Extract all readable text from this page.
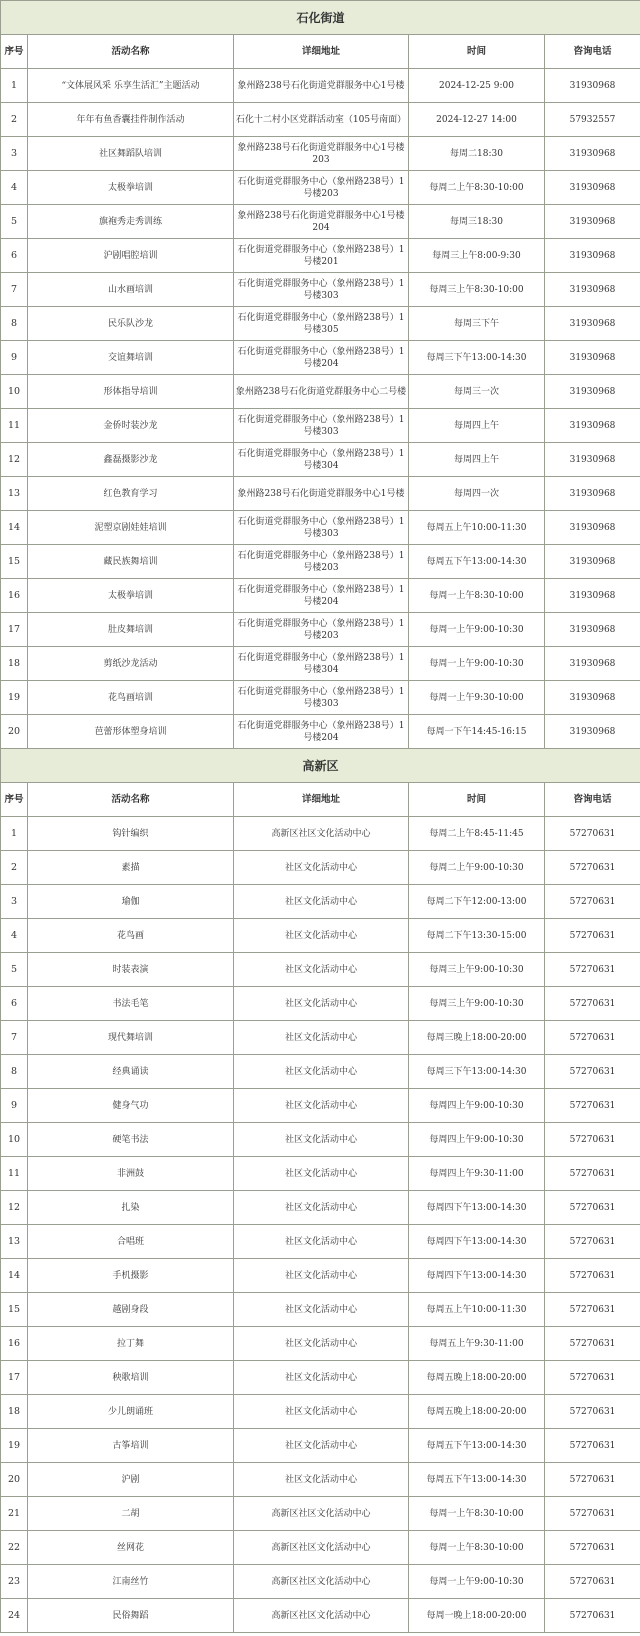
石化街道				
序号	活动名称	详细地址	时间	咨询电话
1	“文体展风采 乐享生活汇”主题活动	象州路238号石化街道党群服务中心1号楼	2024-12-25 9:00	31930968
2	年年有鱼香囊挂件制作活动	石化十二村小区党群活动室（105号南面）	2024-12-27 14:00	57932557
3	社区舞蹈队培训	象州路238号石化街道党群服务中心1号楼203	每周二18:30	31930968
4	太极拳培训	石化街道党群服务中心（象州路238号）1号楼203	每周二上午8:30-10:00	31930968
5	旗袍秀走秀训练	象州路238号石化街道党群服务中心1号楼204	每周三18:30	31930968
6	沪剧唱腔培训	石化街道党群服务中心（象州路238号）1号楼201	每周三上午8:00-9:30	31930968
7	山水画培训	石化街道党群服务中心（象州路238号）1号楼303	每周三上午8:30-10:00	31930968
8	民乐队沙龙	石化街道党群服务中心（象州路238号）1号楼305	每周三下午	31930968
9	交谊舞培训	石化街道党群服务中心（象州路238号）1号楼204	每周三下午13:00-14:30	31930968
10	形体指导培训	象州路238号石化街道党群服务中心二号楼	每周三一次	31930968
11	金侨时装沙龙	石化街道党群服务中心（象州路238号）1号楼303	每周四上午	31930968
12	鑫磊摄影沙龙	石化街道党群服务中心（象州路238号）1号楼304	每周四上午	31930968
13	红色教育学习	象州路238号石化街道党群服务中心1号楼	每周四一次	31930968
14	泥塑京剧娃娃培训	石化街道党群服务中心（象州路238号）1号楼303	每周五上午10:00-11:30	31930968
15	藏民族舞培训	石化街道党群服务中心（象州路238号）1号楼203	每周五下午13:00-14:30	31930968
16	太极拳培训	石化街道党群服务中心（象州路238号）1号楼204	每周一上午8:30-10:00	31930968
17	肚皮舞培训	石化街道党群服务中心（象州路238号）1号楼203	每周一上午9:00-10:30	31930968
18	剪纸沙龙活动	石化街道党群服务中心（象州路238号）1号楼304	每周一上午9:00-10:30	31930968
19	花鸟画培训	石化街道党群服务中心（象州路238号）1号楼303	每周一上午9:30-10:00	31930968
20	芭蕾形体塑身培训	石化街道党群服务中心（象州路238号）1号楼204	每周一下午14:45-16:15	31930968
高新区				
序号	活动名称	详细地址	时间	咨询电话
1	钩针编织	高新区社区文化活动中心	每周二上午8:45-11:45	57270631
2	素描	社区文化活动中心	每周二上午9:00-10:30	57270631
3	瑜伽	社区文化活动中心	每周二下午12:00-13:00	57270631
4	花鸟画	社区文化活动中心	每周二下午13:30-15:00	57270631
5	时装表演	社区文化活动中心	每周三上午9:00-10:30	57270631
6	书法毛笔	社区文化活动中心	每周三上午9:00-10:30	57270631
7	现代舞培训	社区文化活动中心	每周三晚上18:00-20:00	57270631
8	经典诵读	社区文化活动中心	每周三下午13:00-14:30	57270631
9	健身气功	社区文化活动中心	每周四上午9:00-10:30	57270631
10	硬笔书法	社区文化活动中心	每周四上午9:00-10:30	57270631
11	非洲鼓	社区文化活动中心	每周四上午9:30-11:00	57270631
12	扎染	社区文化活动中心	每周四下午13:00-14:30	57270631
13	合唱班	社区文化活动中心	每周四下午13:00-14:30	57270631
14	手机摄影	社区文化活动中心	每周四下午13:00-14:30	57270631
15	越剧身段	社区文化活动中心	每周五上午10:00-11:30	57270631
16	拉丁舞	社区文化活动中心	每周五上午9:30-11:00	57270631
17	秧歌培训	社区文化活动中心	每周五晚上18:00-20:00	57270631
18	少儿朗诵班	社区文化活动中心	每周五晚上18:00-20:00	57270631
19	古筝培训	社区文化活动中心	每周五下午13:00-14:30	57270631
20	沪剧	社区文化活动中心	每周五下午13:00-14:30	57270631
21	二胡	高新区社区文化活动中心	每周一上午8:30-10:00	57270631
22	丝网花	高新区社区文化活动中心	每周一上午8:30-10:00	57270631
23	江南丝竹	高新区社区文化活动中心	每周一上午9:00-10:30	57270631
24	民俗舞蹈	高新区社区文化活动中心	每周一晚上18:00-20:00	57270631
